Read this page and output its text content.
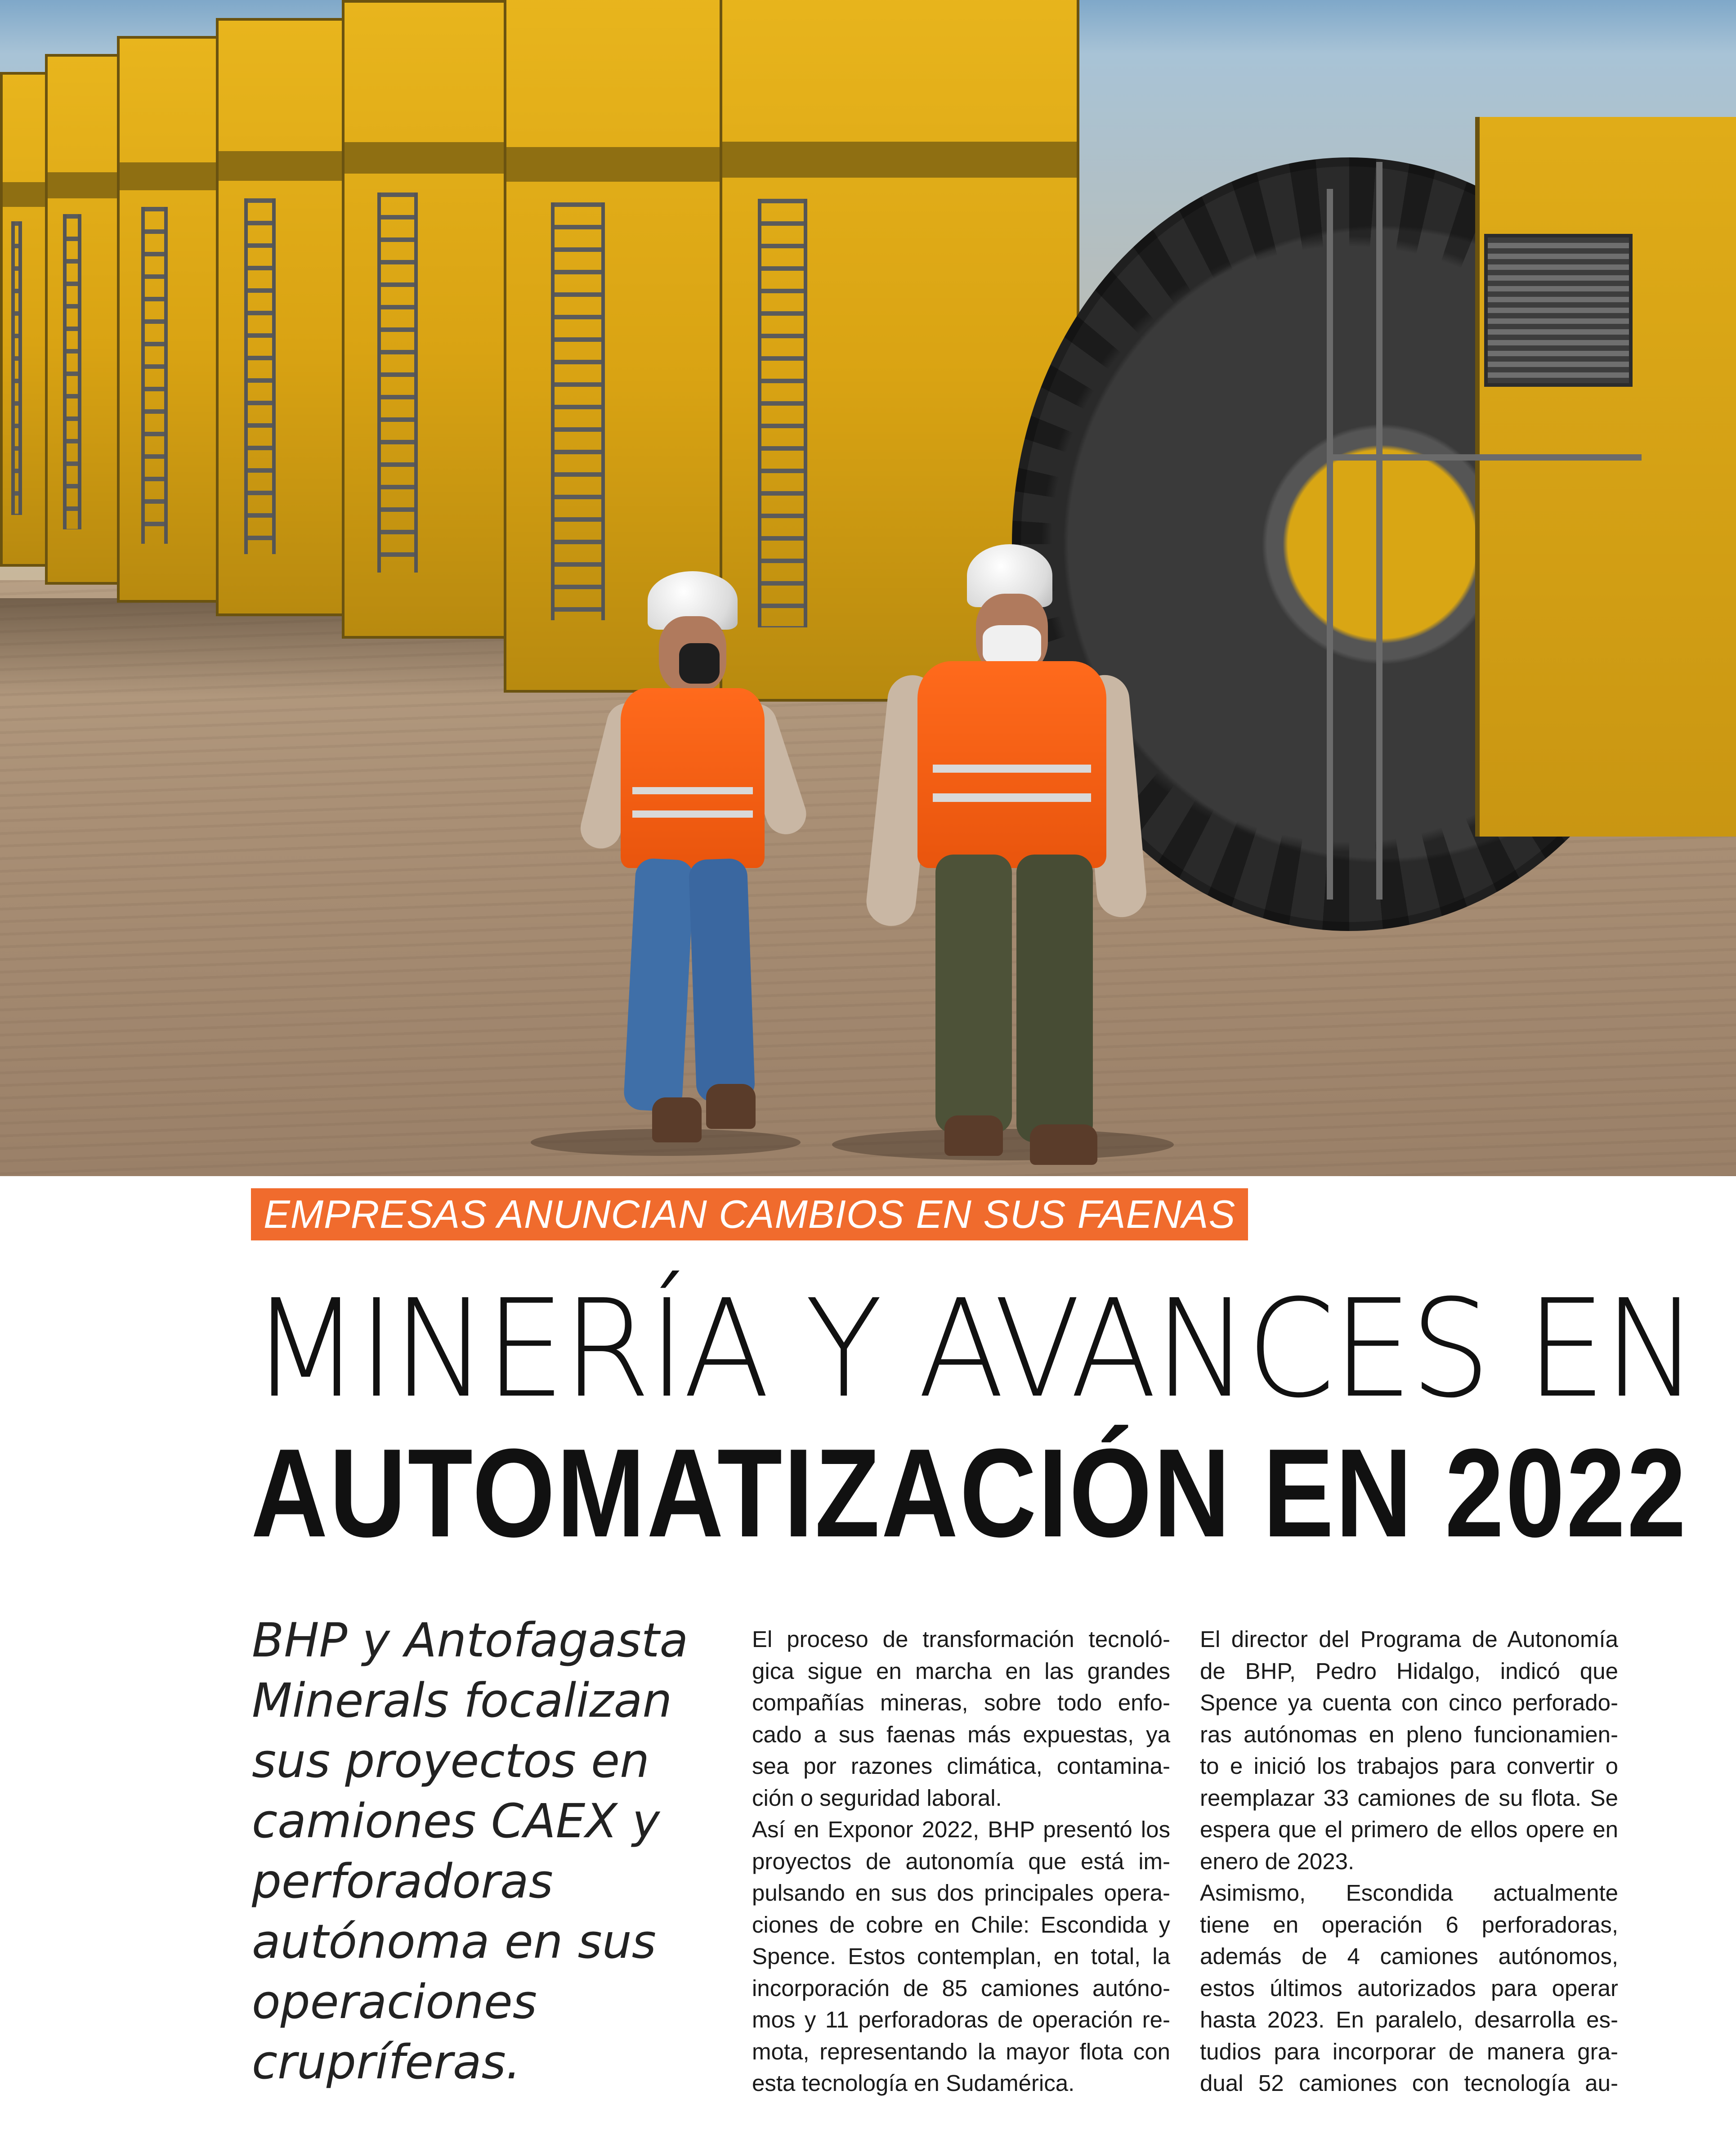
EMPRESAS ANUNCIAN CAMBIOS EN SUS FAENAS
MINERÍA Y AVANCES EN
AUTOMATIZACIÓN EN 2022
BHP y Antofagasta
Minerals focalizan
sus proyectos en
camiones CAEX y
perforadoras
autónoma en sus
operaciones
crupríferas.
El proceso de transformación tecnoló-
gica sigue en marcha en las grandes
compañías mineras, sobre todo enfo-
cado a sus faenas más expuestas, ya
sea por razones climática, contamina-
ción o seguridad laboral.
Así en Exponor 2022, BHP presentó los
proyectos de autonomía que está im-
pulsando en sus dos principales opera-
ciones de cobre en Chile: Escondida y
Spence. Estos contemplan, en total, la
incorporación de 85 camiones autóno-
mos y 11 perforadoras de operación re-
mota, representando la mayor flota con
esta tecnología en Sudamérica.
El director del Programa de Autonomía
de BHP, Pedro Hidalgo, indicó que
Spence ya cuenta con cinco perforado-
ras autónomas en pleno funcionamien-
to e inició los trabajos para convertir o
reemplazar 33 camiones de su flota. Se
espera que el primero de ellos opere en
enero de 2023.
Asimismo, Escondida actualmente
tiene en operación 6 perforadoras,
además de 4 camiones autónomos,
estos últimos autorizados para operar
hasta 2023. En paralelo, desarrolla es-
tudios para incorporar de manera gra-
dual 52 camiones con tecnología au-
